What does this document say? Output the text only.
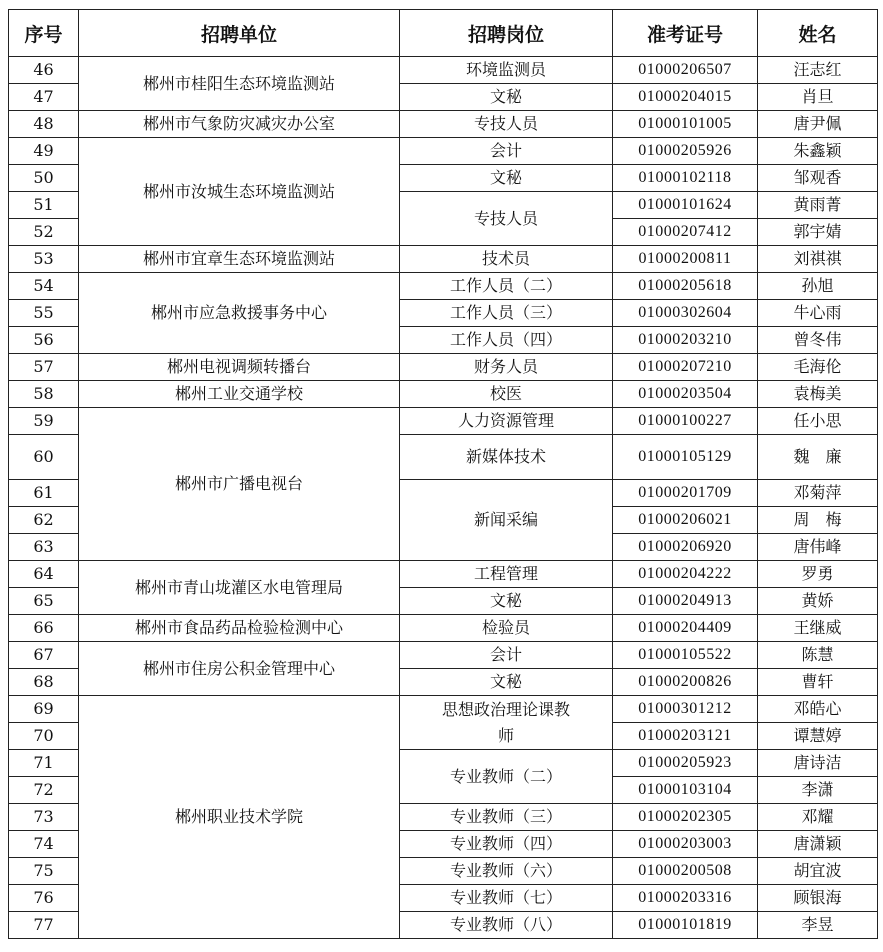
序号	招聘单位	招聘岗位	准考证号	姓名
46	郴州市桂阳生态环境监测站	环境监测员	01000206507	汪志红
47		文秘	01000204015	肖旦
48	郴州市气象防灾减灾办公室	专技人员	01000101005	唐尹佩
49	郴州市汝城生态环境监测站	会计	01000205926	朱鑫颖
50		文秘	01000102118	邹观香
51		专技人员	01000101624	黄雨菁
52			01000207412	郭宇婧
53	郴州市宜章生态环境监测站	技术员	01000200811	刘祺祺
54	郴州市应急救援事务中心	工作人员（二）	01000205618	孙旭
55		工作人员（三）	01000302604	牛心雨
56		工作人员（四）	01000203210	曾冬伟
57	郴州电视调频转播台	财务人员	01000207210	毛海伦
58	郴州工业交通学校	校医	01000203504	袁梅美
59	郴州市广播电视台	人力资源管理	01000100227	任小思
60		新媒体技术	01000105129	魏　廉
61		新闻采编	01000201709	邓菊萍
62			01000206021	周　梅
63			01000206920	唐伟峰
64	郴州市青山垅灌区水电管理局	工程管理	01000204222	罗勇
65		文秘	01000204913	黄娇
66	郴州市食品药品检验检测中心	检验员	01000204409	王继威
67	郴州市住房公积金管理中心	会计	01000105522	陈慧
68		文秘	01000200826	曹轩
69	郴州职业技术学院	思想政治理论课教师	01000301212	邓皓心
70			01000203121	谭慧婷
71		专业教师（二）	01000205923	唐诗洁
72			01000103104	李潇
73		专业教师（三）	01000202305	邓耀
74		专业教师（四）	01000203003	唐潇颖
75		专业教师（六）	01000200508	胡宜波
76		专业教师（七）	01000203316	顾银海
77		专业教师（八）	01000101819	李昱
